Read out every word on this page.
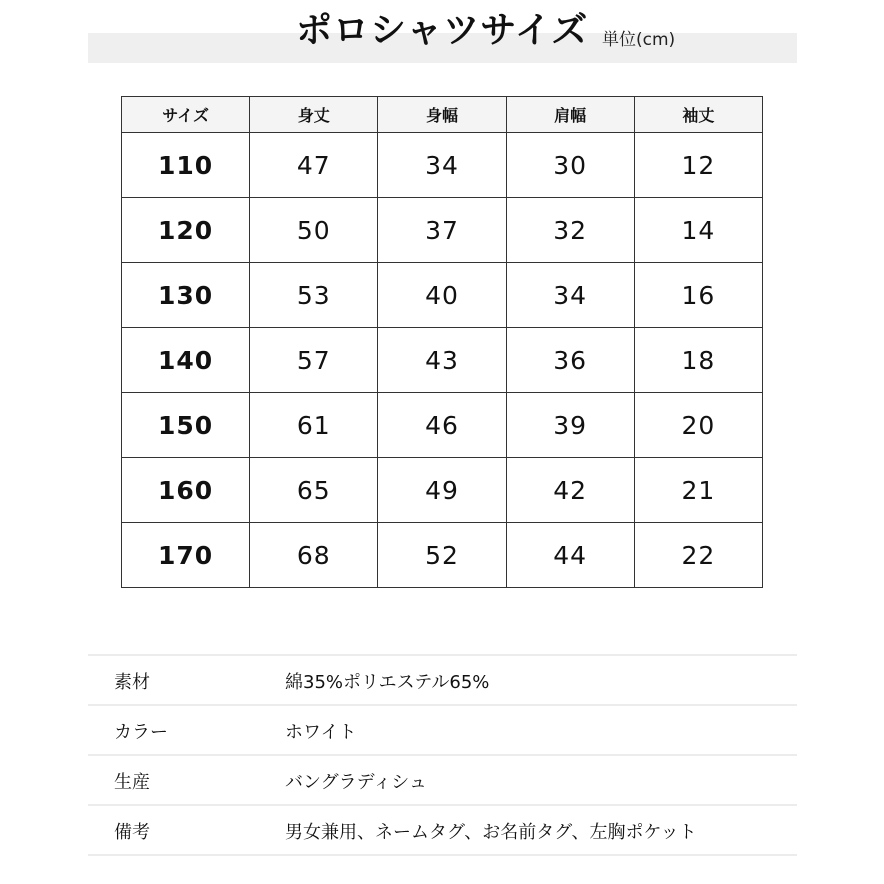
ポロシャツサイズ 単位(cm)
サイズ	身丈	身幅	肩幅	袖丈
110	47	34	30	12
120	50	37	32	14
130	53	40	34	16
140	57	43	36	18
150	61	46	39	20
160	65	49	42	21
170	68	52	44	22
素材	綿35%ポリエステル65%
カラー	ホワイト
生産	バングラディシュ
備考	男女兼用、ネームタグ、お名前タグ、左胸ポケット
